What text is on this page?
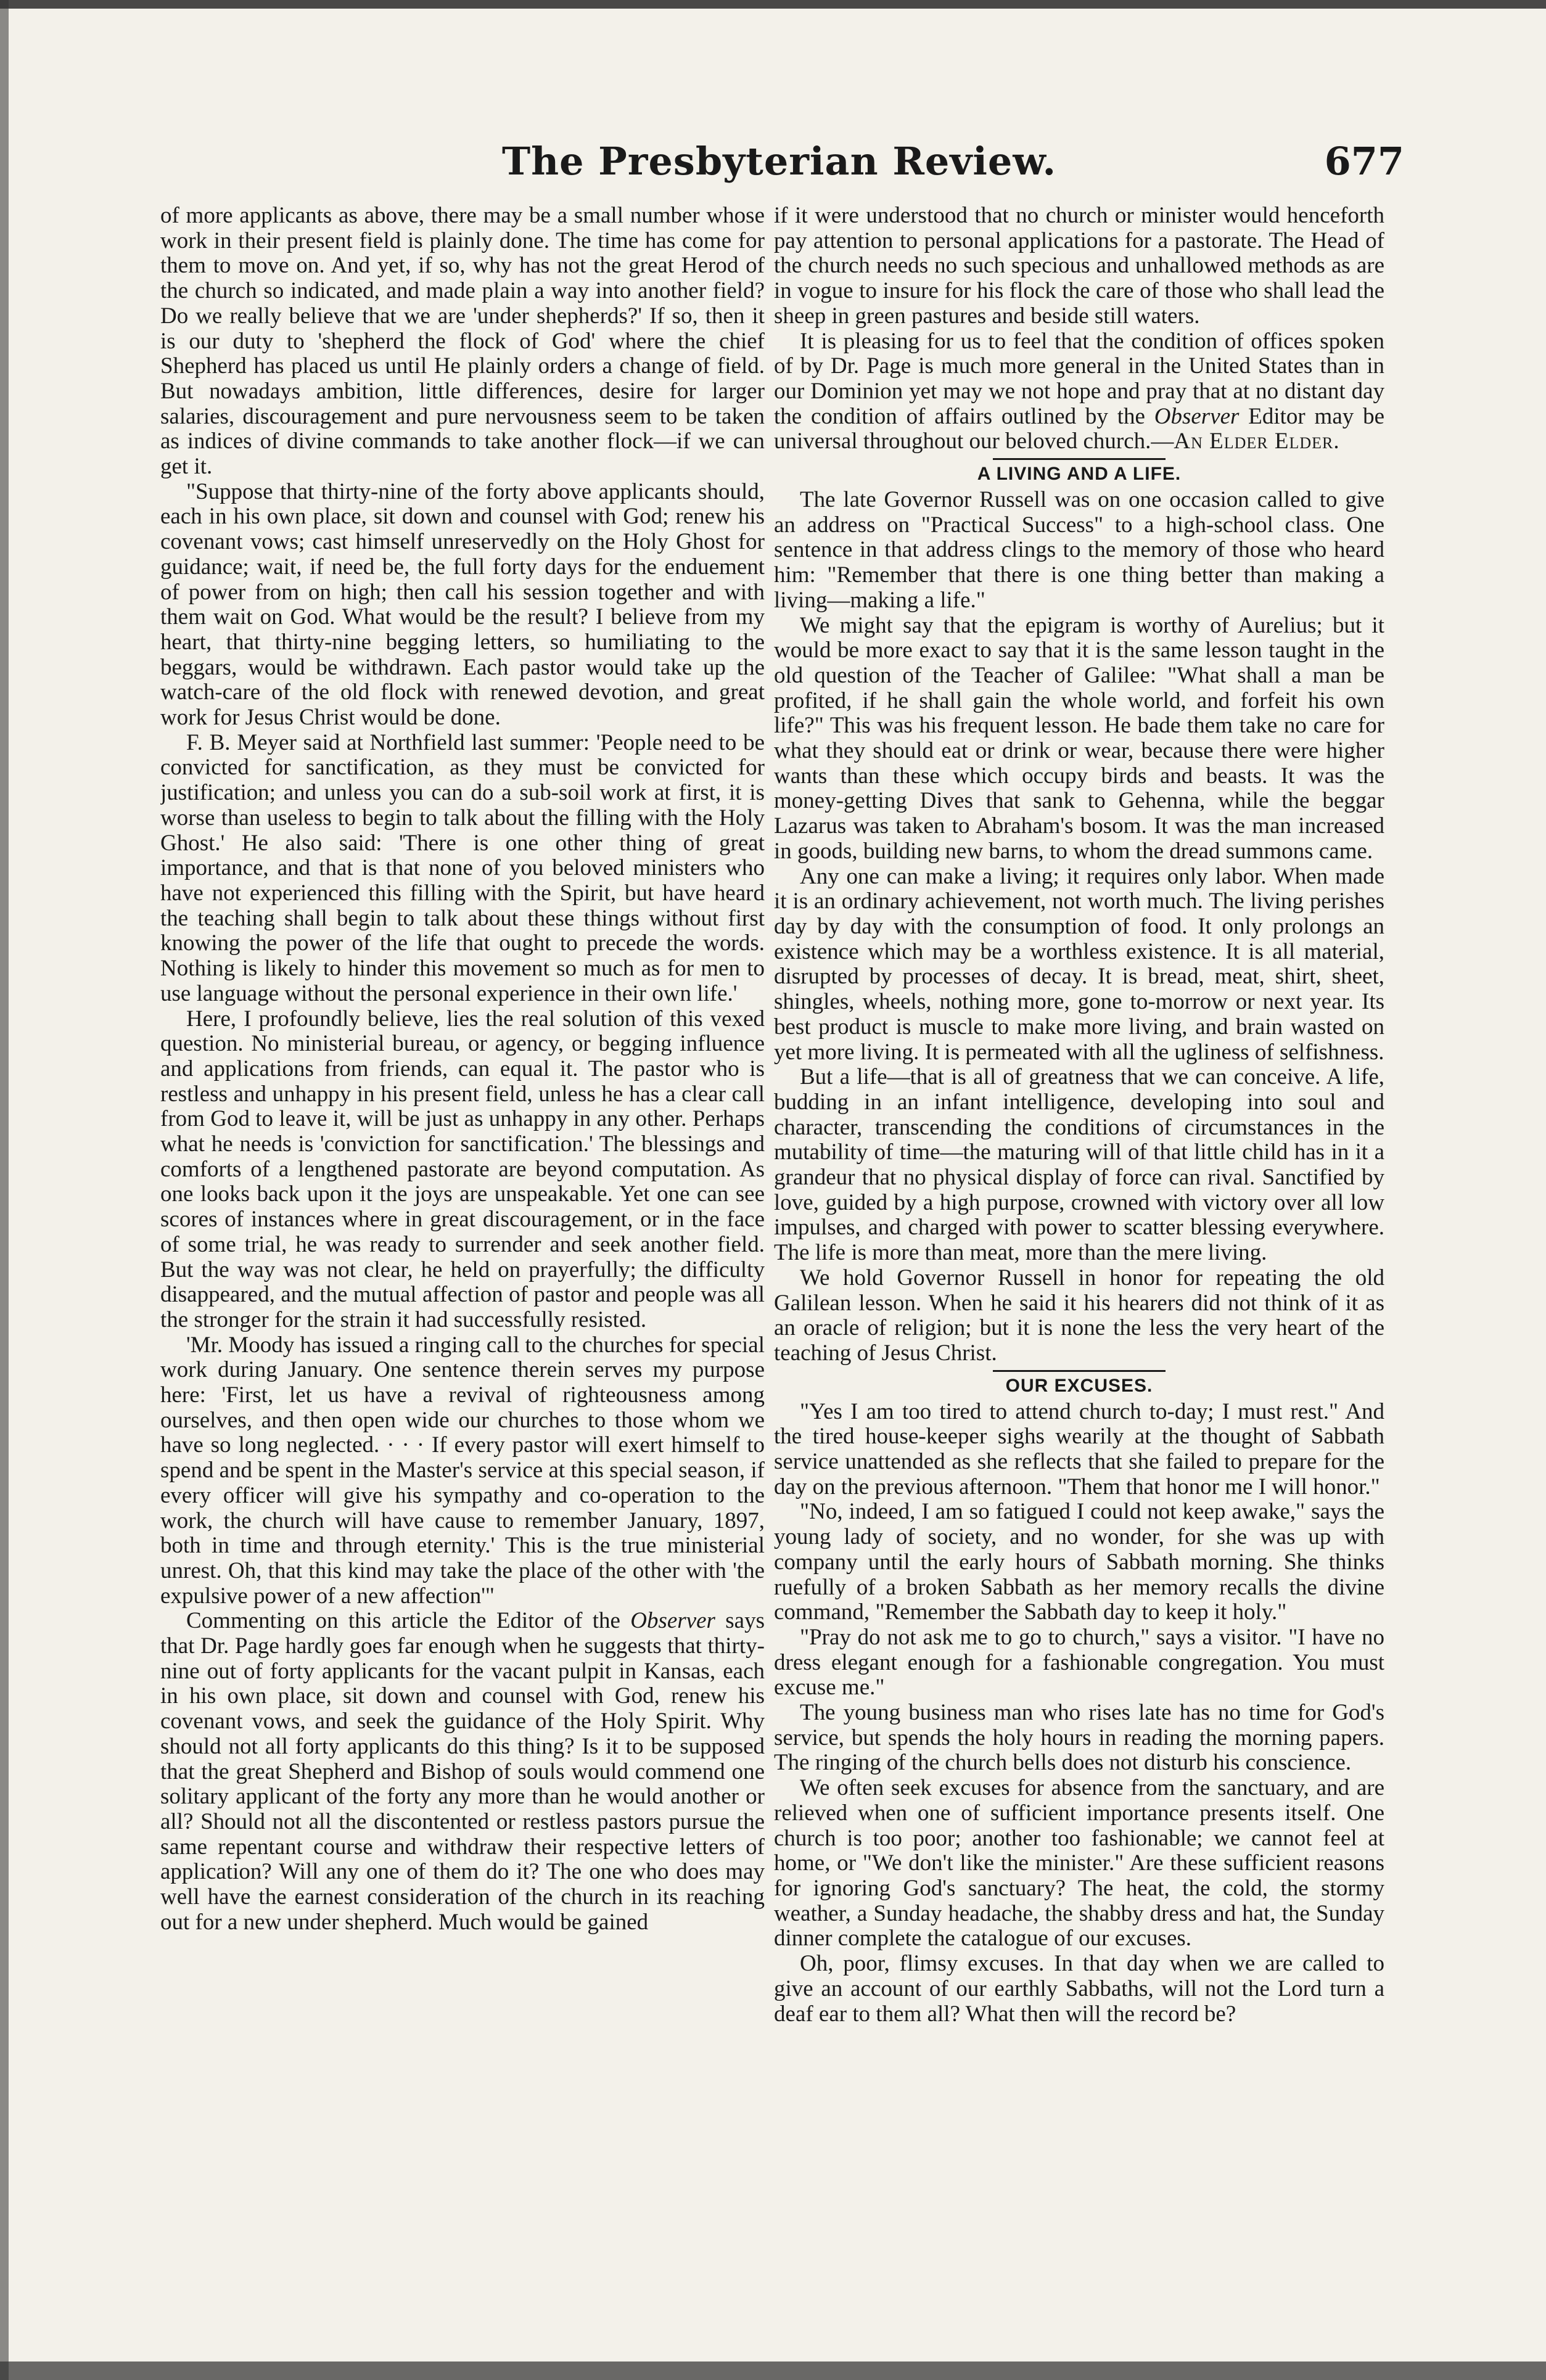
The Presbyterian Review.	677

of more applicants as above, there may be a small number whose work in their present field is plainly done. The time has come for them to move on. And yet, if so, why has not the great Herod of the church so indicated, and made plain a way into another field? Do we really believe that we are 'under shepherds?' If so, then it is our duty to 'shepherd the flock of God' where the chief Shepherd has placed us until He plainly orders a change of field. But nowadays ambition, little differences, desire for larger salaries, discouragement and pure nervousness seem to be taken as indices of divine commands to take another flock—if we can get it.

"Suppose that thirty-nine of the forty above applicants should, each in his own place, sit down and counsel with God; renew his covenant vows; cast himself unreservedly on the Holy Ghost for guidance; wait, if need be, the full forty days for the enduement of power from on high; then call his session together and with them wait on God. What would be the result? I believe from my heart, that thirty-nine begging letters, so humiliating to the beggars, would be withdrawn. Each pastor would take up the watch-care of the old flock with renewed devotion, and great work for Jesus Christ would be done.

F. B. Meyer said at Northfield last summer: 'People need to be convicted for sanctification, as they must be convicted for justification; and unless you can do a sub-soil work at first, it is worse than useless to begin to talk about the filling with the Holy Ghost.' He also said: 'There is one other thing of great importance, and that is that none of you beloved ministers who have not experienced this filling with the Spirit, but have heard the teaching shall begin to talk about these things without first knowing the power of the life that ought to precede the words. Nothing is likely to hinder this movement so much as for men to use language without the personal experience in their own life.'

Here, I profoundly believe, lies the real solution of this vexed question. No ministerial bureau, or agency, or begging influence and applications from friends, can equal it. The pastor who is restless and unhappy in his present field, unless he has a clear call from God to leave it, will be just as unhappy in any other. Perhaps what he needs is 'conviction for sanctification.' The blessings and comforts of a lengthened pastorate are beyond computation. As one looks back upon it the joys are unspeakable. Yet one can see scores of instances where in great discouragement, or in the face of some trial, he was ready to surrender and seek another field. But the way was not clear, he held on prayerfully; the difficulty disappeared, and the mutual affection of pastor and people was all the stronger for the strain it had successfully resisted.

'Mr. Moody has issued a ringing call to the churches for special work during January. One sentence therein serves my purpose here: 'First, let us have a revival of righteousness among ourselves, and then open wide our churches to those whom we have so long neglected. · · · If every pastor will exert himself to spend and be spent in the Master's service at this special season, if every officer will give his sympathy and co-operation to the work, the church will have cause to remember January, 1897, both in time and through eternity.' This is the true ministerial unrest. Oh, that this kind may take the place of the other with 'the expulsive power of a new affection'"

Commenting on this article the Editor of the Observer says that Dr. Page hardly goes far enough when he suggests that thirty-nine out of forty applicants for the vacant pulpit in Kansas, each in his own place, sit down and counsel with God, renew his covenant vows, and seek the guidance of the Holy Spirit. Why should not all forty applicants do this thing? Is it to be supposed that the great Shepherd and Bishop of souls would commend one solitary applicant of the forty any more than he would another or all? Should not all the discontented or restless pastors pursue the same repentant course and withdraw their respective letters of application? Will any one of them do it? The one who does may well have the earnest consideration of the church in its reaching out for a new under shepherd. Much would be gained

if it were understood that no church or minister would henceforth pay attention to personal applications for a pastorate. The Head of the church needs no such specious and unhallowed methods as are in vogue to insure for his flock the care of those who shall lead the sheep in green pastures and beside still waters.

It is pleasing for us to feel that the condition of offices spoken of by Dr. Page is much more general in the United States than in our Dominion yet may we not hope and pray that at no distant day the condition of affairs outlined by the Observer Editor may be universal throughout our beloved church.—An Elder Elder.

A LIVING AND A LIFE.

The late Governor Russell was on one occasion called to give an address on "Practical Success" to a high-school class. One sentence in that address clings to the memory of those who heard him: "Remember that there is one thing better than making a living—making a life."

We might say that the epigram is worthy of Aurelius; but it would be more exact to say that it is the same lesson taught in the old question of the Teacher of Galilee: "What shall a man be profited, if he shall gain the whole world, and forfeit his own life?" This was his frequent lesson. He bade them take no care for what they should eat or drink or wear, because there were higher wants than these which occupy birds and beasts. It was the money-getting Dives that sank to Gehenna, while the beggar Lazarus was taken to Abraham's bosom. It was the man increased in goods, building new barns, to whom the dread summons came.

Any one can make a living; it requires only labor. When made it is an ordinary achievement, not worth much. The living perishes day by day with the consumption of food. It only prolongs an existence which may be a worthless existence. It is all material, disrupted by processes of decay. It is bread, meat, shirt, sheet, shingles, wheels, nothing more, gone to-morrow or next year. Its best product is muscle to make more living, and brain wasted on yet more living. It is permeated with all the ugliness of selfishness.

But a life—that is all of greatness that we can conceive. A life, budding in an infant intelligence, developing into soul and character, transcending the conditions of circumstances in the mutability of time—the maturing will of that little child has in it a grandeur that no physical display of force can rival. Sanctified by love, guided by a high purpose, crowned with victory over all low impulses, and charged with power to scatter blessing everywhere. The life is more than meat, more than the mere living.

We hold Governor Russell in honor for repeating the old Galilean lesson. When he said it his hearers did not think of it as an oracle of religion; but it is none the less the very heart of the teaching of Jesus Christ.

OUR EXCUSES.

"Yes I am too tired to attend church to-day; I must rest." And the tired house-keeper sighs wearily at the thought of Sabbath service unattended as she reflects that she failed to prepare for the day on the previous afternoon. "Them that honor me I will honor."

"No, indeed, I am so fatigued I could not keep awake," says the young lady of society, and no wonder, for she was up with company until the early hours of Sabbath morning. She thinks ruefully of a broken Sabbath as her memory recalls the divine command, "Remember the Sabbath day to keep it holy."

"Pray do not ask me to go to church," says a visitor. "I have no dress elegant enough for a fashionable congregation. You must excuse me."

The young business man who rises late has no time for God's service, but spends the holy hours in reading the morning papers. The ringing of the church bells does not disturb his conscience.

We often seek excuses for absence from the sanctuary, and are relieved when one of sufficient importance presents itself. One church is too poor; another too fashionable; we cannot feel at home, or "We don't like the minister." Are these sufficient reasons for ignoring God's sanctuary? The heat, the cold, the stormy weather, a Sunday headache, the shabby dress and hat, the Sunday dinner complete the catalogue of our excuses.

Oh, poor, flimsy excuses. In that day when we are called to give an account of our earthly Sabbaths, will not the Lord turn a deaf ear to them all? What then will the record be?
